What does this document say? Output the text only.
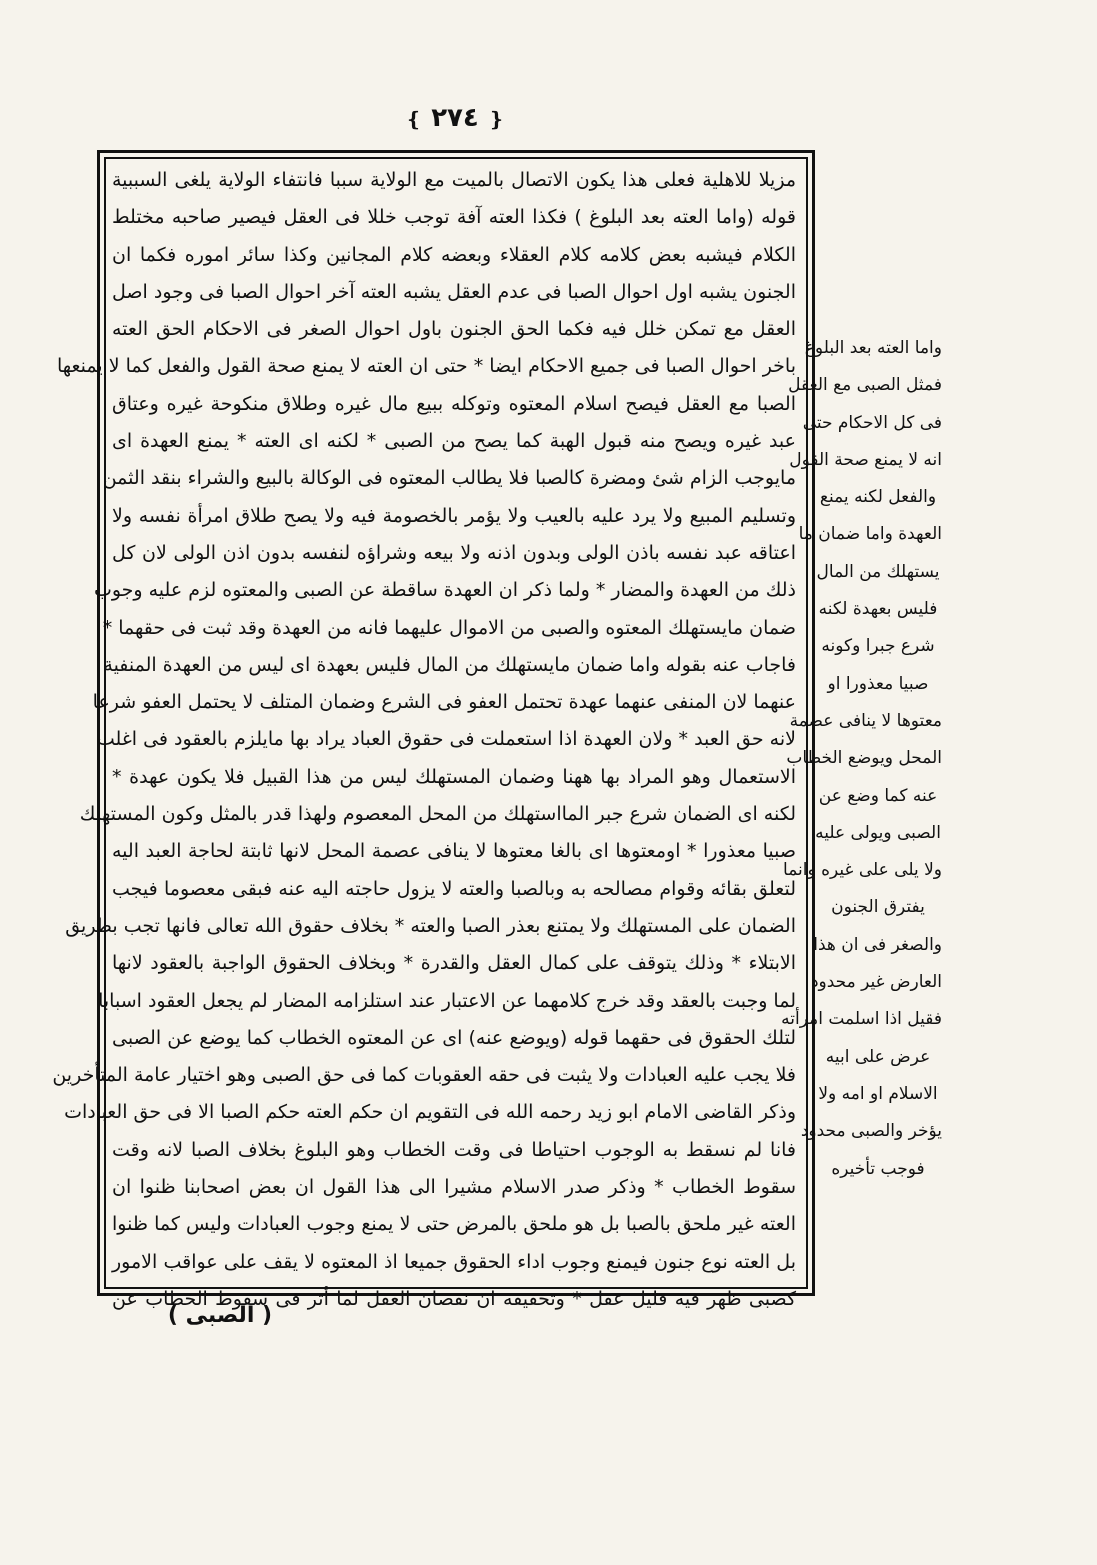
❴ ٢٧٤ ❵
مزيلا للاهلية فعلى هذا يكون الاتصال بالميت مع الولاية سببا فانتفاء الولاية يلغى السببية
قوله (واما العته بعد البلوغ ) فكذا العته آفة توجب خللا فى العقل فيصير صاحبه مختلط
الكلام فيشبه بعض كلامه كلام العقلاء وبعضه كلام المجانين وكذا سائر اموره فكما ان
الجنون يشبه اول احوال الصبا فى عدم العقل يشبه العته آخر احوال الصبا فى وجود اصل
العقل مع تمكن خلل فيه فكما الحق الجنون باول احوال الصغر فى الاحكام الحق العته
باخر احوال الصبا فى جميع الاحكام ايضا * حتى ان العته لا يمنع صحة القول والفعل كما لا يمنعها
الصبا مع العقل فيصح اسلام المعتوه وتوكله ببيع مال غيره وطلاق منكوحة غيره وعتاق
عبد غيره ويصح منه قبول الهبة كما يصح من الصبى * لكنه اى العته * يمنع العهدة اى
مايوجب الزام شئ ومضرة كالصبا فلا يطالب المعتوه فى الوكالة بالبيع والشراء بنقد الثمن
وتسليم المبيع ولا يرد عليه بالعيب ولا يؤمر بالخصومة فيه ولا يصح طلاق امرأة نفسه ولا
اعتاقه عبد نفسه باذن الولى وبدون اذنه ولا بيعه وشراؤه لنفسه بدون اذن الولى لان كل
ذلك من العهدة والمضار * ولما ذكر ان العهدة ساقطة عن الصبى والمعتوه لزم عليه وجوب
ضمان مايستهلك المعتوه والصبى من الاموال عليهما فانه من العهدة وقد ثبت فى حقهما *
فاجاب عنه بقوله واما ضمان مايستهلك من المال فليس بعهدة اى ليس من العهدة المنفية
عنهما لان المنفى عنهما عهدة تحتمل العفو فى الشرع وضمان المتلف لا يحتمل العفو شرعا
لانه حق العبد * ولان العهدة اذا استعملت فى حقوق العباد يراد بها مايلزم بالعقود فى اغلب
الاستعمال وهو المراد بها ههنا وضمان المستهلك ليس من هذا القبيل فلا يكون عهدة *
لكنه اى الضمان شرع جبر المااستهلك من المحل المعصوم ولهذا قدر بالمثل وكون المستهلك
صبيا معذورا * اومعتوها اى بالغا معتوها لا ينافى عصمة المحل لانها ثابتة لحاجة العبد اليه
لتعلق بقائه وقوام مصالحه به وبالصبا والعته لا يزول حاجته اليه عنه فبقى معصوما فيجب
الضمان على المستهلك ولا يمتنع بعذر الصبا والعته * بخلاف حقوق الله تعالى فانها تجب بطريق
الابتلاء * وذلك يتوقف على كمال العقل والقدرة * وبخلاف الحقوق الواجبة بالعقود لانها
لما وجبت بالعقد وقد خرج كلامهما عن الاعتبار عند استلزامه المضار لم يجعل العقود اسبابا
لتلك الحقوق فى حقهما قوله (ويوضع عنه) اى عن المعتوه الخطاب كما يوضع عن الصبى
فلا يجب عليه العبادات ولا يثبت فى حقه العقوبات كما فى حق الصبى وهو اختيار عامة المتأخرين
وذكر القاضى الامام ابو زيد رحمه الله فى التقويم ان حكم العته حكم الصبا الا فى حق العبادات
فانا لم نسقط به الوجوب احتياطا فى وقت الخطاب وهو البلوغ بخلاف الصبا لانه وقت
سقوط الخطاب * وذكر صدر الاسلام مشيرا الى هذا القول ان بعض اصحابنا ظنوا ان
العته غير ملحق بالصبا بل هو ملحق بالمرض حتى لا يمنع وجوب العبادات وليس كما ظنوا
بل العته نوع جنون فيمنع وجوب اداء الحقوق جميعا اذ المعتوه لا يقف على عواقب الامور
كصبى ظهر فيه قليل عقل * وتحقيقه ان نقصان العقل لما أثر فى سقوط الخطاب عن
واما العته بعد البلوغ
فمثل الصبى مع العقل
فى كل الاحكام حتى
انه لا يمنع صحة القول
والفعل لكنه يمنع
العهدة واما ضمان ما
يستهلك من المال
فليس بعهدة لكنه
شرع جبرا وكونه
صبيا معذورا او
معتوها لا ينافى عصمة
المحل ويوضع الخطاب
عنه كما وضع عن
الصبى ويولى عليه
ولا يلى على غيره وانما
يفترق الجنون
والصغر فى ان هذا
العارض غير محدود
فقيل اذا اسلمت امرأته
عرض على ابيه
الاسلام او امه ولا
يؤخر والصبى محدود
فوجب تأخيره
( الصبى )
